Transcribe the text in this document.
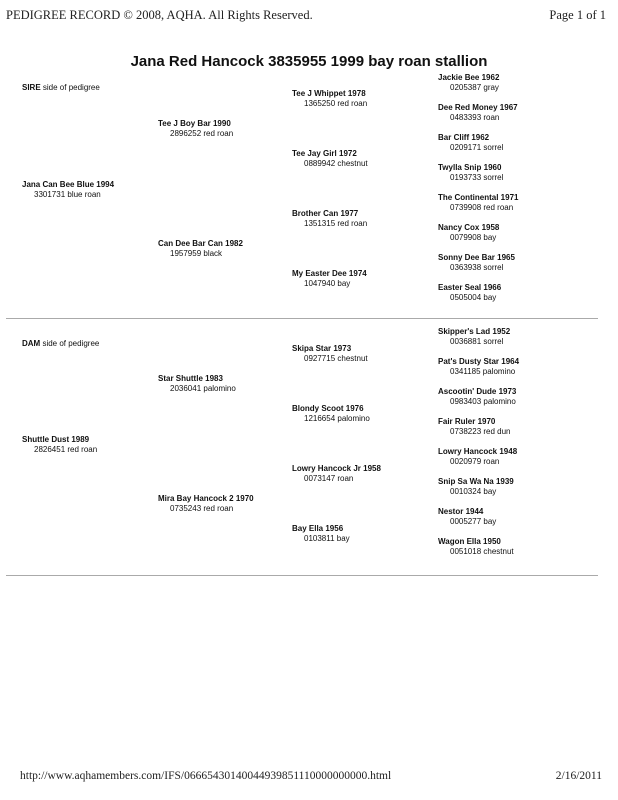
PEDIGREE RECORD © 2008, AQHA. All Rights Reserved.	Page 1 of 1
Jana Red Hancock 3835955 1999 bay roan stallion
SIRE side of pedigree
Jana Can Bee Blue 1994
3301731 blue roan
Tee J Boy Bar 1990
2896252 red roan
Can Dee Bar Can 1982
1957959 black
Tee J Whippet 1978
1365250 red roan
Tee Jay Girl 1972
0889942 chestnut
Brother Can 1977
1351315 red roan
My Easter Dee 1974
1047940 bay
Jackie Bee 1962
0205387 gray
Dee Red Money 1967
0483393 roan
Bar Cliff 1962
0209171 sorrel
Twylla Snip 1960
0193733 sorrel
The Continental 1971
0739908 red roan
Nancy Cox 1958
0079908 bay
Sonny Dee Bar 1965
0363938 sorrel
Easter Seal 1966
0505004 bay
DAM side of pedigree
Shuttle Dust 1989
2826451 red roan
Star Shuttle 1983
2036041 palomino
Mira Bay Hancock 2 1970
0735243 red roan
Skipa Star 1973
0927715 chestnut
Blondy Scoot 1976
1216654 palomino
Lowry Hancock Jr 1958
0073147 roan
Bay Ella 1956
0103811 bay
Skipper's Lad 1952
0036881 sorrel
Pat's Dusty Star 1964
0341185 palomino
Ascootin' Dude 1973
0983403 palomino
Fair Ruler 1970
0738223 red dun
Lowry Hancock 1948
0020979 roan
Snip Sa Wa Na 1939
0010324 bay
Nestor 1944
0005277 bay
Wagon Ella 1950
0051018 chestnut
http://www.aqhamembers.com/IFS/06665430140044939851110000000000.html	2/16/2011
